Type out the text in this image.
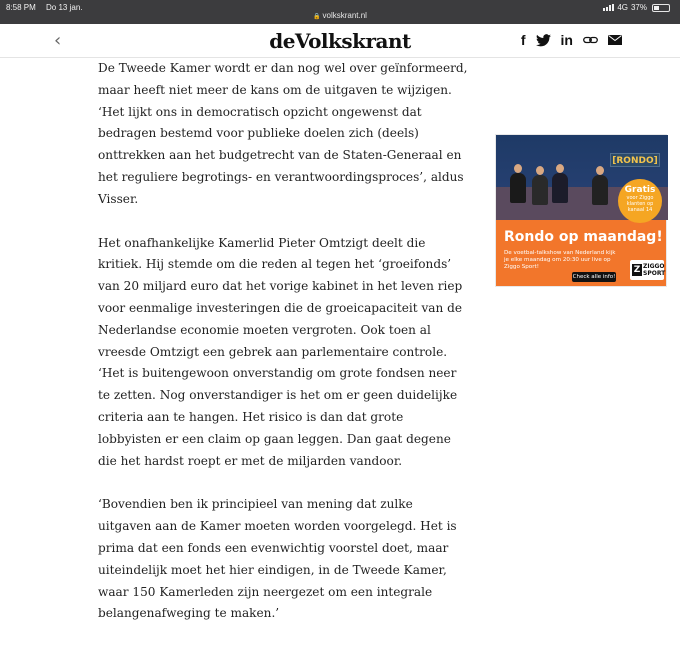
8:58 PM Do 13 jan.
🔒 volkskrant.nl
4G 37%
‹	deVolkskrant	f	in

De Tweede Kamer wordt er dan nog wel over geïnformeerd, maar heeft niet meer de kans om de uitgaven te wijzigen. ‘Het lijkt ons in democratisch opzicht ongewenst dat bedragen bestemd voor publieke doelen zich (deels) onttrekken aan het budgetrecht van de Staten-Generaal en het reguliere begrotings- en verantwoordingsproces’, aldus Visser.

Het onafhankelijke Kamerlid Pieter Omtzigt deelt die kritiek. Hij stemde om die reden al tegen het ‘groeifonds’ van 20 miljard euro dat het vorige kabinet in het leven riep voor eenmalige investeringen die de groeicapaciteit van de Nederlandse economie moeten vergroten. Ook toen al vreesde Omtzigt een gebrek aan parlementaire controle. ‘Het is buitengewoon onverstandig om grote fondsen neer te zetten. Nog onverstandiger is het om er geen duidelijke criteria aan te hangen. Het risico is dan dat grote lobbyisten er een claim op gaan leggen. Dan gaat degene die het hardst roept er met de miljarden vandoor.

‘Bovendien ben ik principieel van mening dat zulke uitgaven aan de Kamer moeten worden voorgelegd. Het is prima dat een fonds een evenwichtig voorstel doet, maar uiteindelijk moet het hier eindigen, in de Tweede Kamer, waar 150 Kamerleden zijn neergezet om een integrale belangenafweging te maken.’

[RONDO]
Gratis
voor Ziggo klanten op kanaal 14
Rondo op maandag!
De voetbal-talkshow van Nederland kijk je elke maandag om 20:30 uur live op Ziggo Sport!
Check alle info!
Z ZIGGO SPORT
